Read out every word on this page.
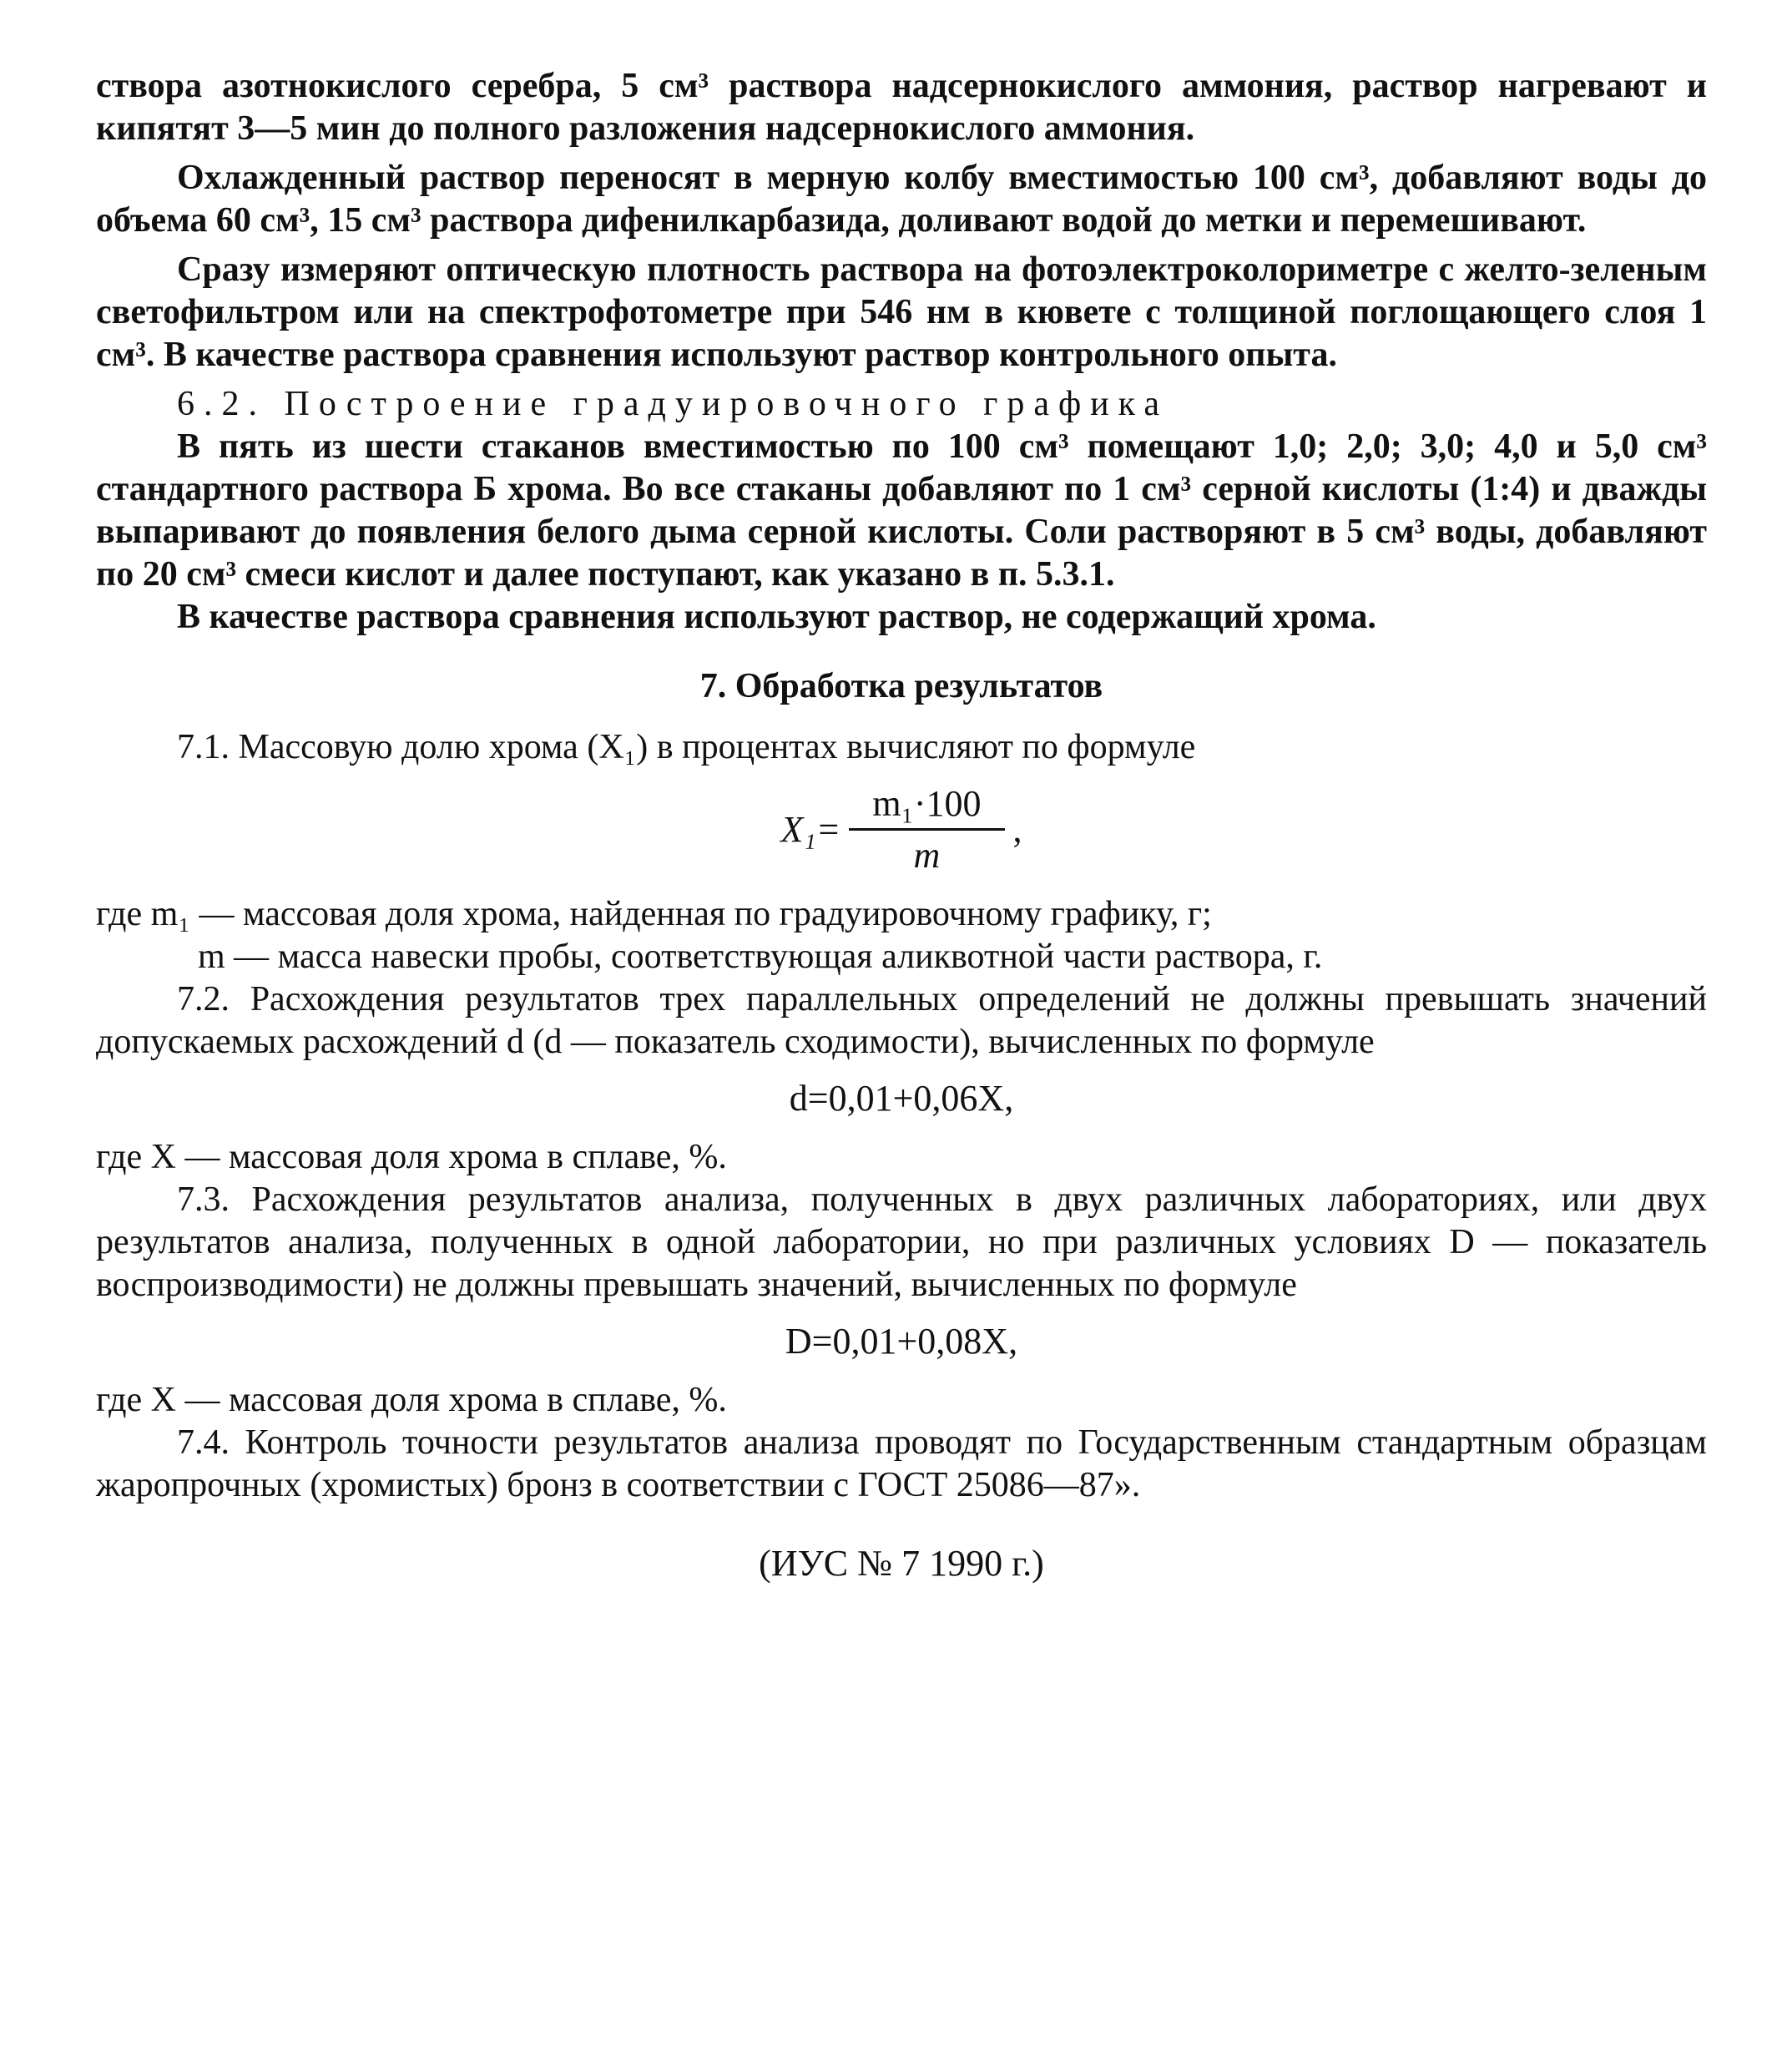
створа азотнокислого серебра, 5 см³ раствора надсернокислого аммония, раствор нагревают и кипятят 3—5 мин до полного разложения надсернокислого аммония.

Охлажденный раствор переносят в мерную колбу вместимостью 100 см³, добавляют воды до объема 60 см³, 15 см³ раствора дифенилкарбазида, доливают водой до метки и перемешивают.

Сразу измеряют оптическую плотность раствора на фотоэлектроколориметре с желто-зеленым светофильтром или на спектрофотометре при 546 нм в кювете с толщиной поглощающего слоя 1 см³. В качестве раствора сравнения используют раствор контрольного опыта.

6.2. Построение градуировочного графика

В пять из шести стаканов вместимостью по 100 см³ помещают 1,0; 2,0; 3,0; 4,0 и 5,0 см³ стандартного раствора Б хрома. Во все стаканы добавляют по 1 см³ серной кислоты (1:4) и дважды выпаривают до появления белого дыма серной кислоты. Соли растворяют в 5 см³ воды, добавляют по 20 см³ смеси кислот и далее поступают, как указано в п. 5.3.1.

В качестве раствора сравнения используют раствор, не содержащий хрома.

7. Обработка результатов

7.1. Массовую долю хрома (X₁) в процентах вычисляют по формуле

$X_1= \frac{\text{m₁·100}}{m}$ ,

где m₁ — массовая доля хрома, найденная по градуировочному графику, г;

m — масса навески пробы, соответствующая аликвотной части раствора, г.

7.2. Расхождения результатов трех параллельных определений не должны превышать значений допускаемых расхождений d (d — показатель сходимости), вычисленных по формуле

d=0,01+0,06X,

где X — массовая доля хрома в сплаве, %.

7.3. Расхождения результатов анализа, полученных в двух различных лабораториях, или двух результатов анализа, полученных в одной лаборатории, но при различных условиях D — показатель воспроизводимости) не должны превышать значений, вычисленных по формуле

D=0,01+0,08X,

где X — массовая доля хрома в сплаве, %.

7.4. Контроль точности результатов анализа проводят по Государственным стандартным образцам жаропрочных (хромистых) бронз в соответствии с ГОСТ 25086—87».

(ИУС № 7 1990 г.)
